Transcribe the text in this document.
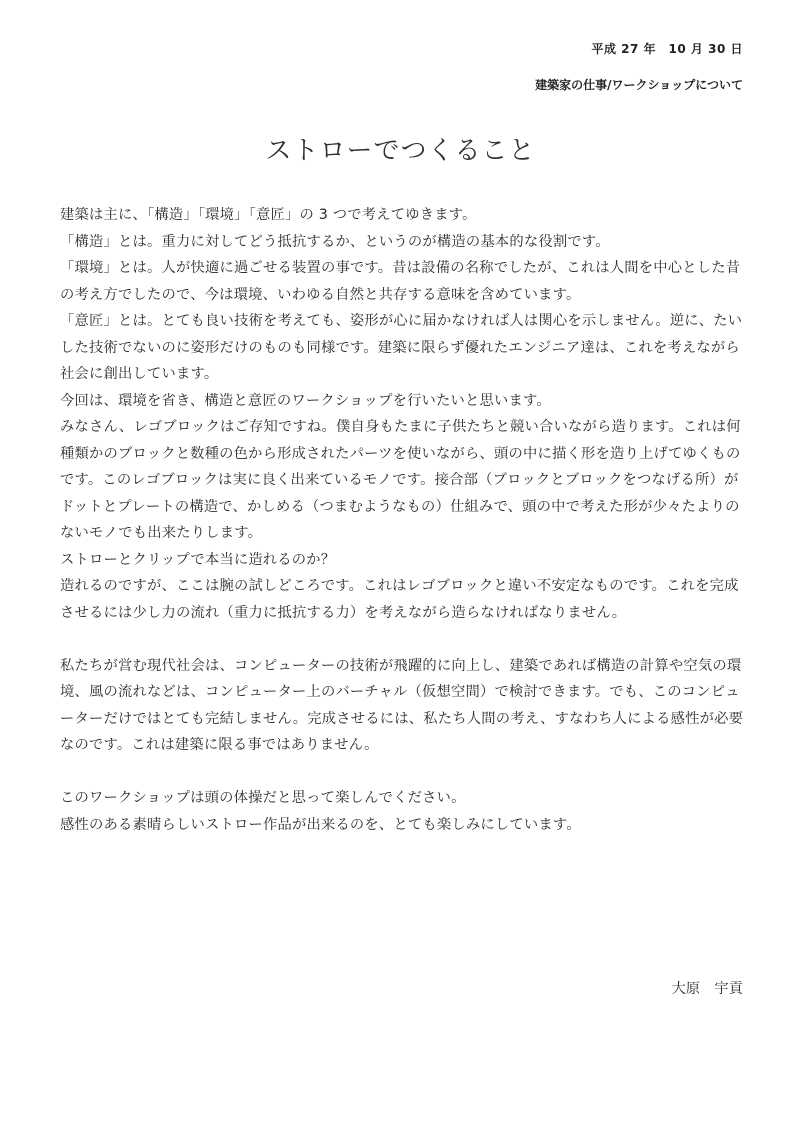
平成 27 年　10 月 30 日
建築家の仕事/ワークショップについて
ストローでつくること

建築は主に、「構造」「環境」「意匠」の 3 つで考えてゆきます。

「構造」とは。重力に対してどう抵抗するか、というのが構造の基本的な役割です。

「環境」とは。人が快適に過ごせる装置の事です。昔は設備の名称でしたが、これは人間を中心とした昔の考え方でしたので、今は環境、いわゆる自然と共存する意味を含めています。

「意匠」とは。とても良い技術を考えても、姿形が心に届かなければ人は関心を示しません。逆に、たいした技術でないのに姿形だけのものも同様です。建築に限らず優れたエンジニア達は、これを考えながら社会に創出しています。

今回は、環境を省き、構造と意匠のワークショップを行いたいと思います。

みなさん、レゴブロックはご存知ですね。僕自身もたまに子供たちと競い合いながら造ります。これは何種類かのブロックと数種の色から形成されたパーツを使いながら、頭の中に描く形を造り上げてゆくものです。このレゴブロックは実に良く出来ているモノです。接合部（ブロックとブロックをつなげる所）がドットとプレートの構造で、かしめる（つまむようなもの）仕組みで、頭の中で考えた形が少々たよりのないモノでも出来たりします。

ストローとクリップで本当に造れるのか？

造れるのですが、ここは腕の試しどころです。これはレゴブロックと違い不安定なものです。これを完成させるには少し力の流れ（重力に抵抗する力）を考えながら造らなければなりません。

私たちが営む現代社会は、コンピューターの技術が飛躍的に向上し、建築であれば構造の計算や空気の環境、風の流れなどは、コンピューター上のバーチャル（仮想空間）で検討できます。でも、このコンピューターだけではとても完結しません。完成させるには、私たち人間の考え、すなわち人による感性が必要なのです。これは建築に限る事ではありません。

このワークショップは頭の体操だと思って楽しんでください。

感性のある素晴らしいストロー作品が出来るのを、とても楽しみにしています。

大原　宇貢
